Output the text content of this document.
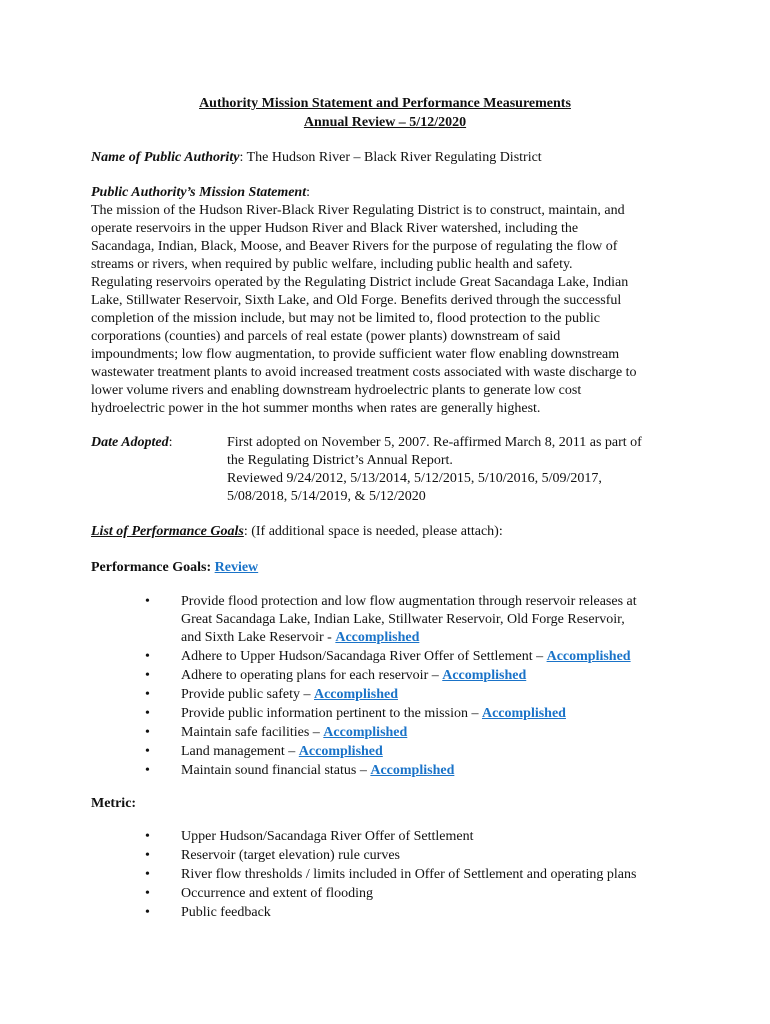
Authority Mission Statement and Performance Measurements
Annual Review – 5/12/2020
Name of Public Authority: The Hudson River – Black River Regulating District
Public Authority’s Mission Statement:
The mission of the Hudson River-Black River Regulating District is to construct, maintain, and
operate reservoirs in the upper Hudson River and Black River watershed, including the
Sacandaga, Indian, Black, Moose, and Beaver Rivers for the purpose of regulating the flow of
streams or rivers, when required by public welfare, including public health and safety.
Regulating reservoirs operated by the Regulating District include Great Sacandaga Lake, Indian
Lake, Stillwater Reservoir, Sixth Lake, and Old Forge. Benefits derived through the successful
completion of the mission include, but may not be limited to, flood protection to the public
corporations (counties) and parcels of real estate (power plants) downstream of said
impoundments; low flow augmentation, to provide sufficient water flow enabling downstream
wastewater treatment plants to avoid increased treatment costs associated with waste discharge to
lower volume rivers and enabling downstream hydroelectric plants to generate low cost
hydroelectric power in the hot summer months when rates are generally highest.
Date Adopted:	First adopted on November 5, 2007. Re-affirmed March 8, 2011 as part of
the Regulating District’s Annual Report.
Reviewed 9/24/2012, 5/13/2014, 5/12/2015, 5/10/2016, 5/09/2017,
5/08/2018, 5/14/2019, & 5/12/2020
List of Performance Goals: (If additional space is needed, please attach):
Performance Goals: Review
•
Provide flood protection and low flow augmentation through reservoir releases at
Great Sacandaga Lake, Indian Lake, Stillwater Reservoir, Old Forge Reservoir,
and Sixth Lake Reservoir - Accomplished
•
Adhere to Upper Hudson/Sacandaga River Offer of Settlement – Accomplished
•
Adhere to operating plans for each reservoir – Accomplished
•
Provide public safety – Accomplished
•
Provide public information pertinent to the mission – Accomplished
•
Maintain safe facilities – Accomplished
•
Land management – Accomplished
•
Maintain sound financial status – Accomplished
Metric:
•
Upper Hudson/Sacandaga River Offer of Settlement
•
Reservoir (target elevation) rule curves
•
River flow thresholds / limits included in Offer of Settlement and operating plans
•
Occurrence and extent of flooding
•
Public feedback
